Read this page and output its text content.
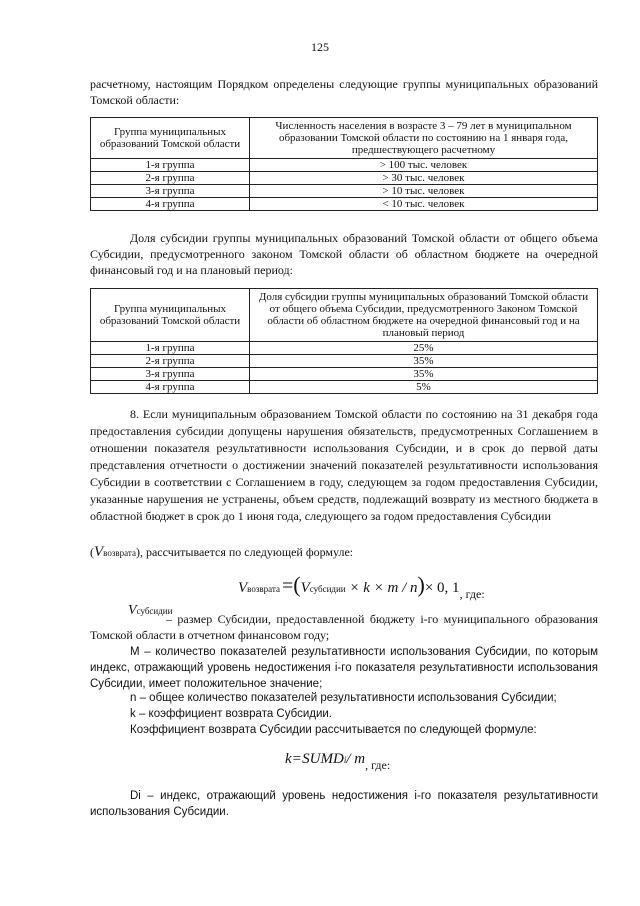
125
расчетному, настоящим Порядком определены следующие группы муниципальных образований Томской области:
Группа муниципальных образований Томской области	Численность населения в возрасте 3 – 79 лет в муниципальном образовании Томской области по состоянию на 1 января года, предшествующего расчетному
1-я группа	> 100 тыс. человек
2-я группа	> 30 тыс. человек
3-я группа	> 10 тыс. человек
4-я группа	< 10 тыс. человек
Доля субсидии группы муниципальных образований Томской области от общего объема Субсидии, предусмотренного законом Томской области об областном бюджете на очередной финансовый год и на плановый период:
Группа муниципальных образований Томской области	Доля субсидии группы муниципальных образований Томской области от общего объема Субсидии, предусмотренного Законом Томской области об областном бюджете на очередной финансовый год и на плановый период
1-я группа	25%
2-я группа	35%
3-я группа	35%
4-я группа	5%
8. Если муниципальным образованием Томской области по состоянию на 31 декабря года предоставления субсидии допущены нарушения обязательств, предусмотренных Соглашением в отношении показателя результативности использования Субсидии, и в срок до первой даты представления отчетности о достижении значений показателей результативности использования Субсидии в соответствии с Соглашением в году, следующем за годом предоставления Субсидии, указанные нарушения не устранены, объем средств, подлежащий возврату из местного бюджета в областной бюджет в срок до 1 июня года, следующего за годом предоставления Субсидии
(Vвозврата), рассчитывается по следующей формуле:
Vвозврата =(Vсубсидии × k × m / n)× 0, $1_{, где:}$
Vсубсидии
– размер Субсидии, предоставленной бюджету i-го муниципального образования Томской области в отчетном финансовом году;
M – количество показателей результативности использования Субсидии, по которым индекс, отражающий уровень недостижения i-го показателя результативности использования Субсидии, имеет положительное значение;
n – общее количество показателей результативности использования Субсидии;
k – коэффициент возврата Субсидии.
Коэффициент возврата Субсидии рассчитывается по следующей формуле:
k=SUMDi/ $m_{, где:}$
Di – индекс, отражающий уровень недостижения i-го показателя результативности использования Субсидии.
